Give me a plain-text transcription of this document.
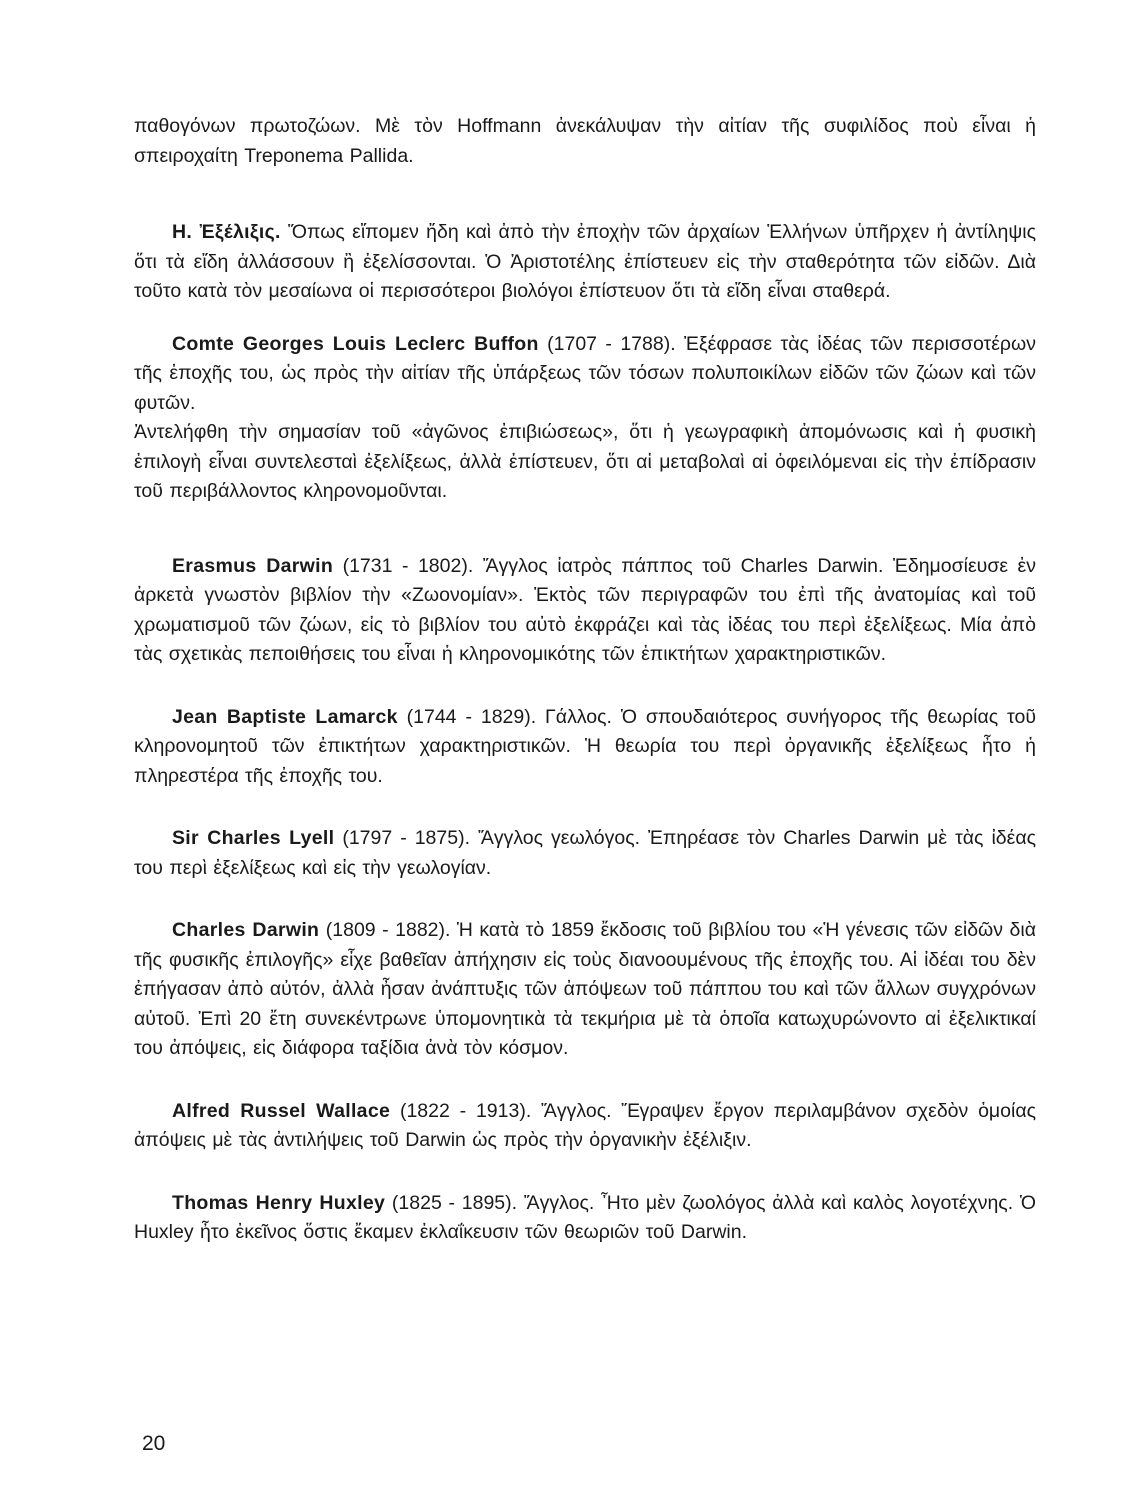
παθογόνων πρωτοζώων. Μὲ τὸν Hoffmann ἀνεκάλυψαν τὴν αἰτίαν τῆς συφιλίδος ποὺ εἶναι ἡ σπειροχαίτη Treponema Pallida.

Η. Ἐξέλιξις. Ὅπως εἴπομεν ἤδη καὶ ἀπὸ τὴν ἐποχὴν τῶν ἀρχαίων Ἑλλήνων ὑπῆρχεν ἡ ἀντίληψις ὅτι τὰ εἴδη ἀλλάσσουν ἢ ἐξελίσσονται. Ὁ Ἀριστοτέλης ἐπίστευεν εἰς τὴν σταθερότητα τῶν εἰδῶν. Διὰ τοῦτο κατὰ τὸν μεσαίωνα οἱ περισσότεροι βιολόγοι ἐπίστευον ὅτι τὰ εἴδη εἶναι σταθερά.

Comte Georges Louis Leclerc Buffon (1707 - 1788). Ἐξέφρασε τὰς ἰδέας τῶν περισσοτέρων τῆς ἐποχῆς του, ὡς πρὸς τὴν αἰτίαν τῆς ὑπάρξεως τῶν τόσων πολυποικίλων εἰδῶν τῶν ζώων καὶ τῶν φυτῶν.

Ἀντελήφθη τὴν σημασίαν τοῦ «ἀγῶνος ἐπιβιώσεως», ὅτι ἡ γεωγραφικὴ ἀπομόνωσις καὶ ἡ φυσικὴ ἐπιλογὴ εἶναι συντελεσταὶ ἐξελίξεως, ἀλλὰ ἐπίστευεν, ὅτι αἱ μεταβολαὶ αἱ ὀφειλόμεναι εἰς τὴν ἐπίδρασιν τοῦ περιβάλλοντος κληρονομοῦνται.

Erasmus Darwin (1731 - 1802). Ἄγγλος ἰατρὸς πάππος τοῦ Charles Darwin. Ἐδημοσίευσε ἐν ἀρκετὰ γνωστὸν βιβλίον τὴν «Ζωονομίαν». Ἐκτὸς τῶν περιγραφῶν του ἐπὶ τῆς ἀνατομίας καὶ τοῦ χρωματισμοῦ τῶν ζώων, εἰς τὸ βιβλίον του αὐτὸ ἐκφράζει καὶ τὰς ἰδέας του περὶ ἐξελίξεως. Μία ἀπὸ τὰς σχετικὰς πεποιθήσεις του εἶναι ἡ κληρονομικότης τῶν ἐπικτήτων χαρακτηριστικῶν.

Jean Baptiste Lamarck (1744 - 1829). Γάλλος. Ὁ σπουδαιότερος συνήγορος τῆς θεωρίας τοῦ κληρονομητοῦ τῶν ἐπικτήτων χαρακτηριστικῶν. Ἡ θεωρία του περὶ ὀργανικῆς ἐξελίξεως ἦτο ἡ πληρεστέρα τῆς ἐποχῆς του.

Sir Charles Lyell (1797 - 1875). Ἄγγλος γεωλόγος. Ἐπηρέασε τὸν Charles Darwin μὲ τὰς ἰδέας του περὶ ἐξελίξεως καὶ εἰς τὴν γεωλογίαν.

Charles Darwin (1809 - 1882). Ἡ κατὰ τὸ 1859 ἔκδοσις τοῦ βιβλίου του «Ἡ γένεσις τῶν εἰδῶν διὰ τῆς φυσικῆς ἐπιλογῆς» εἶχε βαθεῖαν ἀπήχησιν εἰς τοὺς διανοουμένους τῆς ἐποχῆς του. Αἱ ἰδέαι του δὲν ἐπήγασαν ἀπὸ αὐτόν, ἀλλὰ ἦσαν ἀνάπτυξις τῶν ἀπόψεων τοῦ πάππου του καὶ τῶν ἄλλων συγχρόνων αὐτοῦ. Ἐπὶ 20 ἔτη συνεκέντρωνε ὑπομονητικὰ τὰ τεκμήρια μὲ τὰ ὁποῖα κατωχυρώνοντο αἱ ἐξελικτικαί του ἀπόψεις, εἰς διάφορα ταξίδια ἀνὰ τὸν κόσμον.

Alfred Russel Wallace (1822 - 1913). Ἄγγλος. Ἔγραψεν ἔργον περιλαμβάνον σχεδὸν ὁμοίας ἀπόψεις μὲ τὰς ἀντιλήψεις τοῦ Darwin ὡς πρὸς τὴν ὀργανικὴν ἐξέλιξιν.

Thomas Henry Huxley (1825 - 1895). Ἄγγλος. Ἦτο μὲν ζωολόγος ἀλλὰ καὶ καλὸς λογοτέχνης. Ὁ Huxley ἦτο ἐκεῖνος ὅστις ἔκαμεν ἐκλαΐκευσιν τῶν θεωριῶν τοῦ Darwin.

20
